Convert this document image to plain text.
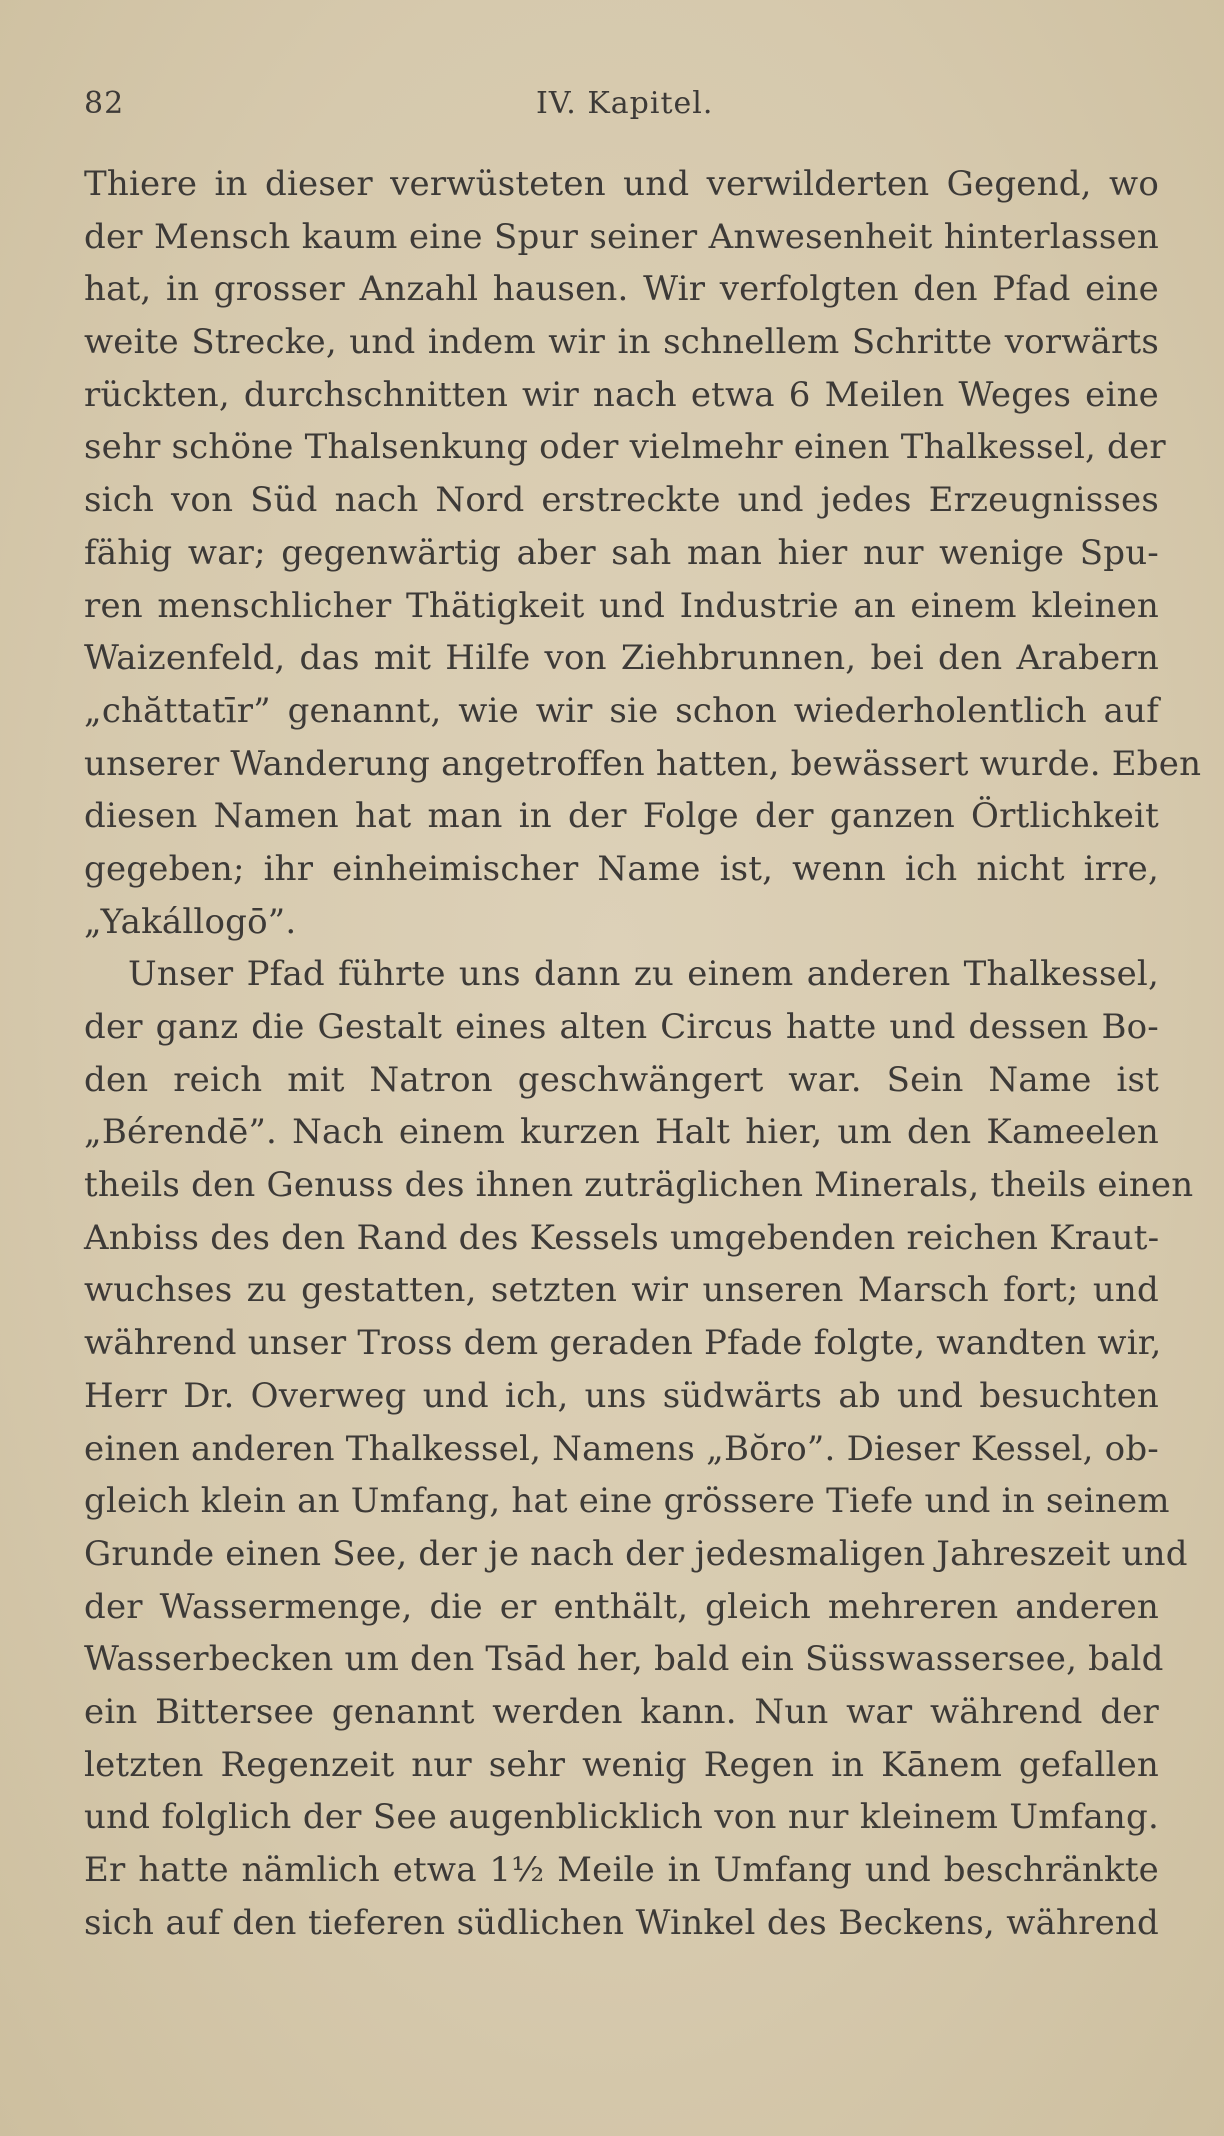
82	IV. Kapitel.
Thiere in dieser verwüsteten und verwilderten Gegend, wo
der Mensch kaum eine Spur seiner Anwesenheit hinterlassen
hat, in grosser Anzahl hausen. Wir verfolgten den Pfad eine
weite Strecke, und indem wir in schnellem Schritte vorwärts
rückten, durchschnitten wir nach etwa 6 Meilen Weges eine
sehr schöne Thalsenkung oder vielmehr einen Thalkessel, der
sich von Süd nach Nord erstreckte und jedes Erzeugnisses
fähig war; gegenwärtig aber sah man hier nur wenige Spu-
ren menschlicher Thätigkeit und Industrie an einem kleinen
Waizenfeld, das mit Hilfe von Ziehbrunnen, bei den Arabern
„chăttatīr” genannt, wie wir sie schon wiederholentlich auf
unserer Wanderung angetroffen hatten, bewässert wurde. Eben
diesen Namen hat man in der Folge der ganzen Örtlichkeit
gegeben; ihr einheimischer Name ist, wenn ich nicht irre,
„Yakállogō”.
Unser Pfad führte uns dann zu einem anderen Thalkessel,
der ganz die Gestalt eines alten Circus hatte und dessen Bo-
den reich mit Natron geschwängert war. Sein Name ist
„Bérendē”. Nach einem kurzen Halt hier, um den Kameelen
theils den Genuss des ihnen zuträglichen Minerals, theils einen
Anbiss des den Rand des Kessels umgebenden reichen Kraut-
wuchses zu gestatten, setzten wir unseren Marsch fort; und
während unser Tross dem geraden Pfade folgte, wandten wir,
Herr Dr. Overweg und ich, uns südwärts ab und besuchten
einen anderen Thalkessel, Namens „Bŏro”. Dieser Kessel, ob-
gleich klein an Umfang, hat eine grössere Tiefe und in seinem
Grunde einen See, der je nach der jedesmaligen Jahreszeit und
der Wassermenge, die er enthält, gleich mehreren anderen
Wasserbecken um den Tsād her, bald ein Süsswassersee, bald
ein Bittersee genannt werden kann. Nun war während der
letzten Regenzeit nur sehr wenig Regen in Kānem gefallen
und folglich der See augenblicklich von nur kleinem Umfang.
Er hatte nämlich etwa 1½ Meile in Umfang und beschränkte
sich auf den tieferen südlichen Winkel des Beckens, während
